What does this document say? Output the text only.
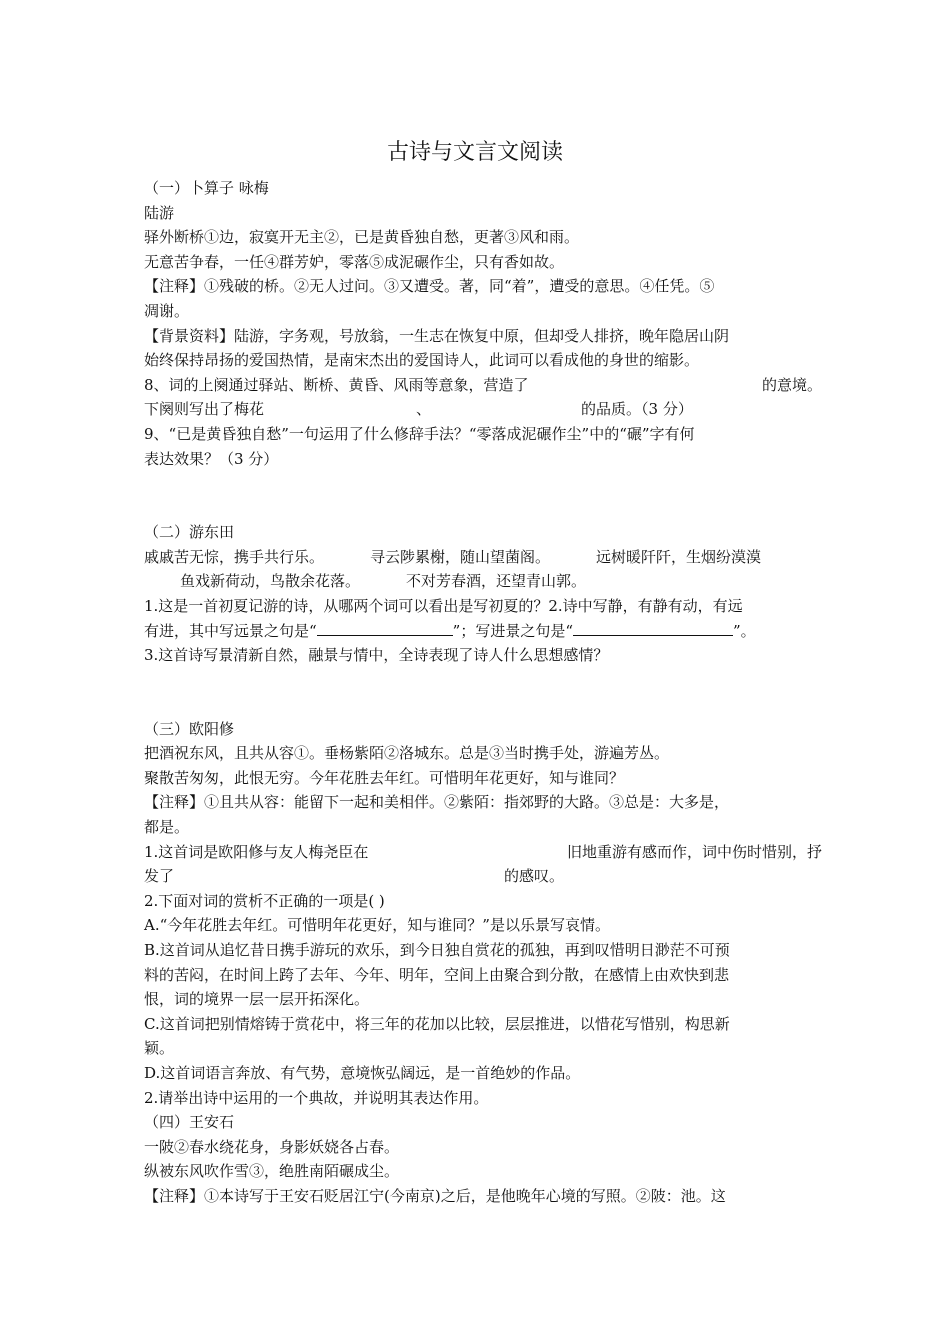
古诗与文言文阅读
（一）卜算子 咏梅
陆游
驿外断桥①边，寂寞开无主②，已是黄昏独自愁，更著③风和雨。
无意苦争春，一任④群芳妒，零落⑤成泥碾作尘，只有香如故。
【注释】①残破的桥。②无人过问。③又遭受。著，同“着”，遭受的意思。④任凭。⑤
凋谢。
【背景资料】陆游，字务观，号放翁，一生志在恢复中原，但却受人排挤，晚年隐居山阴
始终保持昂扬的爱国热情，是南宋杰出的爱国诗人，此词可以看成他的身世的缩影。
8、词的上阕通过驿站、断桥、黄昏、风雨等意象，营造了	的意境。
下阕则写出了梅花	、	的品质。（3 分）
9、“已是黄昏独自愁”一句运用了什么修辞手法？“零落成泥碾作尘”中的“碾”字有何
表达效果？（3 分）
（二）游东田
戚戚苦无悰，携手共行乐。	寻云陟累榭，随山望菌阁。	远树暖阡阡，生烟纷漠漠
鱼戏新荷动，鸟散余花落。	不对芳春酒，还望青山郭。
1.这是一首初夏记游的诗，从哪两个词可以看出是写初夏的？2.诗中写静，有静有动，有远
有进，其中写远景之句是“	”；写进景之句是“	”。
3.这首诗写景清新自然，融景与情中，全诗表现了诗人什么思想感情？
（三）欧阳修
把酒祝东风，且共从容①。垂杨紫陌②洛城东。总是③当时携手处，游遍芳丛。
聚散苦匆匆，此恨无穷。今年花胜去年红。可惜明年花更好，知与谁同？
【注释】①且共从容：能留下一起和美相伴。②紫陌：指郊野的大路。③总是：大多是，
都是。
1.这首词是欧阳修与友人梅尧臣在	旧地重游有感而作，词中伤时惜别，抒
发了	的感叹。
2.下面对词的赏析不正确的一项是( )
A.“今年花胜去年红。可惜明年花更好，知与谁同？”是以乐景写哀情。
B.这首词从追忆昔日携手游玩的欢乐，到今日独自赏花的孤独，再到叹惜明日渺茫不可预
料的苦闷，在时间上跨了去年、今年、明年，空间上由聚合到分散，在感情上由欢快到悲
恨，词的境界一层一层开拓深化。
C.这首词把别情熔铸于赏花中，将三年的花加以比较，层层推进，以惜花写惜别，构思新
颖。
D.这首词语言奔放、有气势，意境恢弘阔远，是一首绝妙的作品。
2.请举出诗中运用的一个典故，并说明其表达作用。
（四）王安石
一陂②春水绕花身，身影妖娆各占春。
纵被东风吹作雪③，绝胜南陌碾成尘。
【注释】①本诗写于王安石贬居江宁(今南京)之后，是他晚年心境的写照。②陂：池。这
